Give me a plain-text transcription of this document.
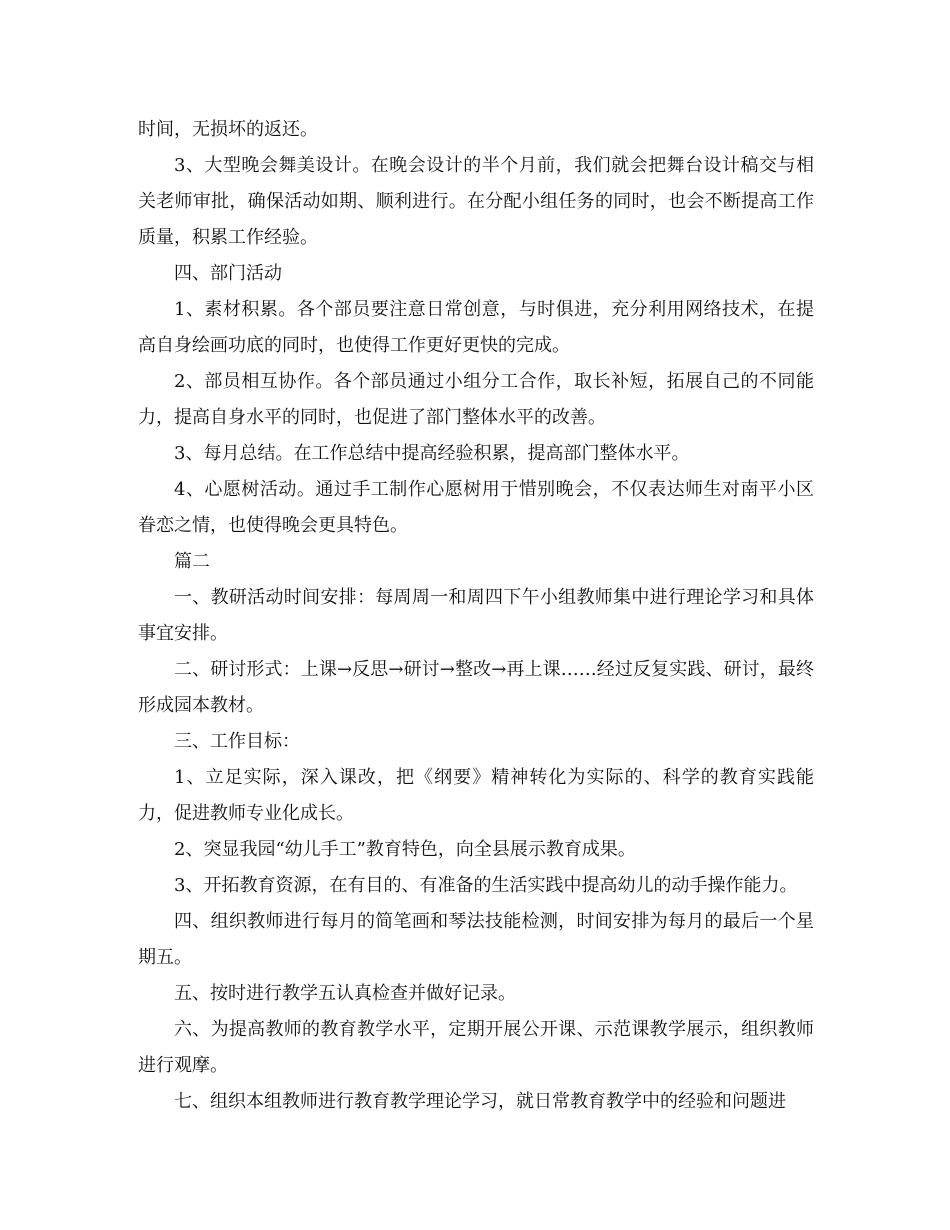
时间，无损坏的返还。

3、大型晚会舞美设计。在晚会设计的半个月前，我们就会把舞台设计稿交与相关老师审批，确保活动如期、顺利进行。在分配小组任务的同时，也会不断提高工作质量，积累工作经验。

四、部门活动

1、素材积累。各个部员要注意日常创意，与时俱进，充分利用网络技术，在提高自身绘画功底的同时，也使得工作更好更快的完成。

2、部员相互协作。各个部员通过小组分工合作，取长补短，拓展自己的不同能力，提高自身水平的同时，也促进了部门整体水平的改善。

3、每月总结。在工作总结中提高经验积累，提高部门整体水平。

4、心愿树活动。通过手工制作心愿树用于惜别晚会，不仅表达师生对南平小区眷恋之情，也使得晚会更具特色。

篇二

一、教研活动时间安排：每周周一和周四下午小组教师集中进行理论学习和具体事宜安排。

二、研讨形式：上课→反思→研讨→整改→再上课……经过反复实践、研讨，最终形成园本教材。

三、工作目标：

1、立足实际，深入课改，把《纲要》精神转化为实际的、科学的教育实践能力，促进教师专业化成长。

2、突显我园“幼儿手工”教育特色，向全县展示教育成果。

3、开拓教育资源，在有目的、有准备的生活实践中提高幼儿的动手操作能力。

四、组织教师进行每月的简笔画和琴法技能检测，时间安排为每月的最后一个星期五。

五、按时进行教学五认真检查并做好记录。

六、为提高教师的教育教学水平，定期开展公开课、示范课教学展示，组织教师进行观摩。

七、组织本组教师进行教育教学理论学习，就日常教育教学中的经验和问题进
